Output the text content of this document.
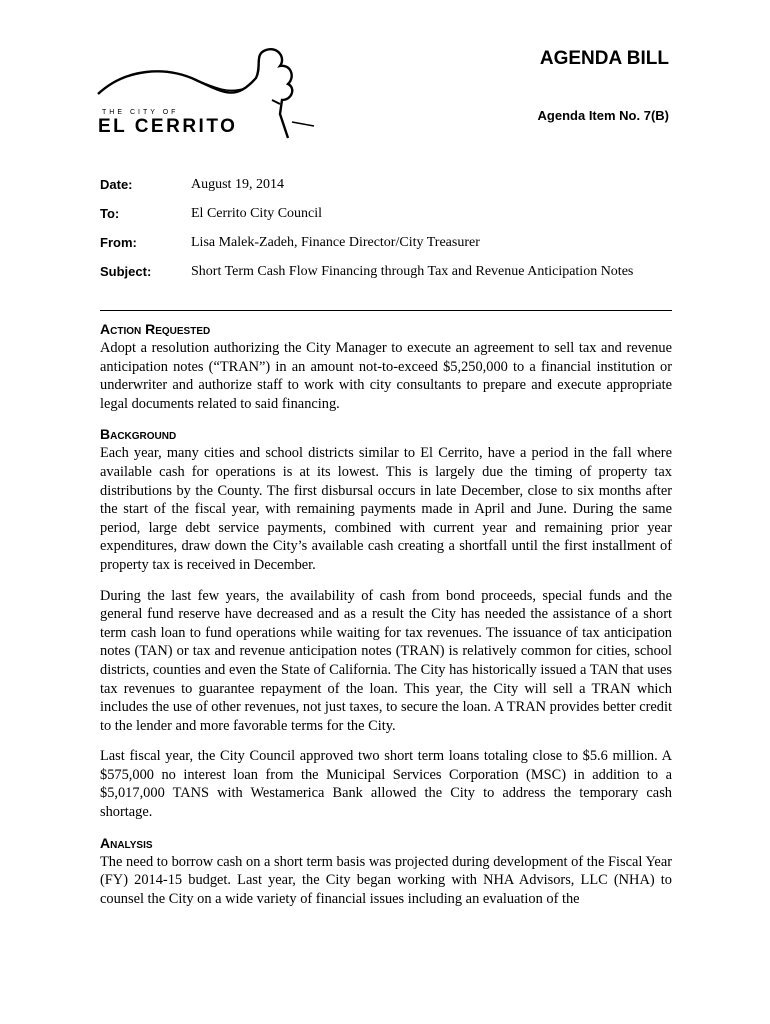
THE CITY OF
EL CERRITO
AGENDA BILL
Agenda Item No. 7(B)
Date:	August 19, 2014
To:	El Cerrito City Council
From:	Lisa Malek-Zadeh, Finance Director/City Treasurer
Subject:	Short Term Cash Flow Financing through Tax and Revenue Anticipation Notes
Action Requested

Adopt a resolution authorizing the City Manager to execute an agreement to sell tax and revenue anticipation notes (“TRAN”) in an amount not-to-exceed $5,250,000 to a financial institution or underwriter and authorize staff to work with city consultants to prepare and execute appropriate legal documents related to said financing.

Background

Each year, many cities and school districts similar to El Cerrito, have a period in the fall where available cash for operations is at its lowest. This is largely due the timing of property tax distributions by the County. The first disbursal occurs in late December, close to six months after the start of the fiscal year, with remaining payments made in April and June. During the same period, large debt service payments, combined with current year and remaining prior year expenditures, draw down the City’s available cash creating a shortfall until the first installment of property tax is received in December.

During the last few years, the availability of cash from bond proceeds, special funds and the general fund reserve have decreased and as a result the City has needed the assistance of a short term cash loan to fund operations while waiting for tax revenues. The issuance of tax anticipation notes (TAN) or tax and revenue anticipation notes (TRAN) is relatively common for cities, school districts, counties and even the State of California. The City has historically issued a TAN that uses tax revenues to guarantee repayment of the loan. This year, the City will sell a TRAN which includes the use of other revenues, not just taxes, to secure the loan. A TRAN provides better credit to the lender and more favorable terms for the City.

Last fiscal year, the City Council approved two short term loans totaling close to $5.6 million. A $575,000 no interest loan from the Municipal Services Corporation (MSC) in addition to a $5,017,000 TANS with Westamerica Bank allowed the City to address the temporary cash shortage.

Analysis

The need to borrow cash on a short term basis was projected during development of the Fiscal Year (FY) 2014-15 budget. Last year, the City began working with NHA Advisors, LLC (NHA) to counsel the City on a wide variety of financial issues including an evaluation of the
